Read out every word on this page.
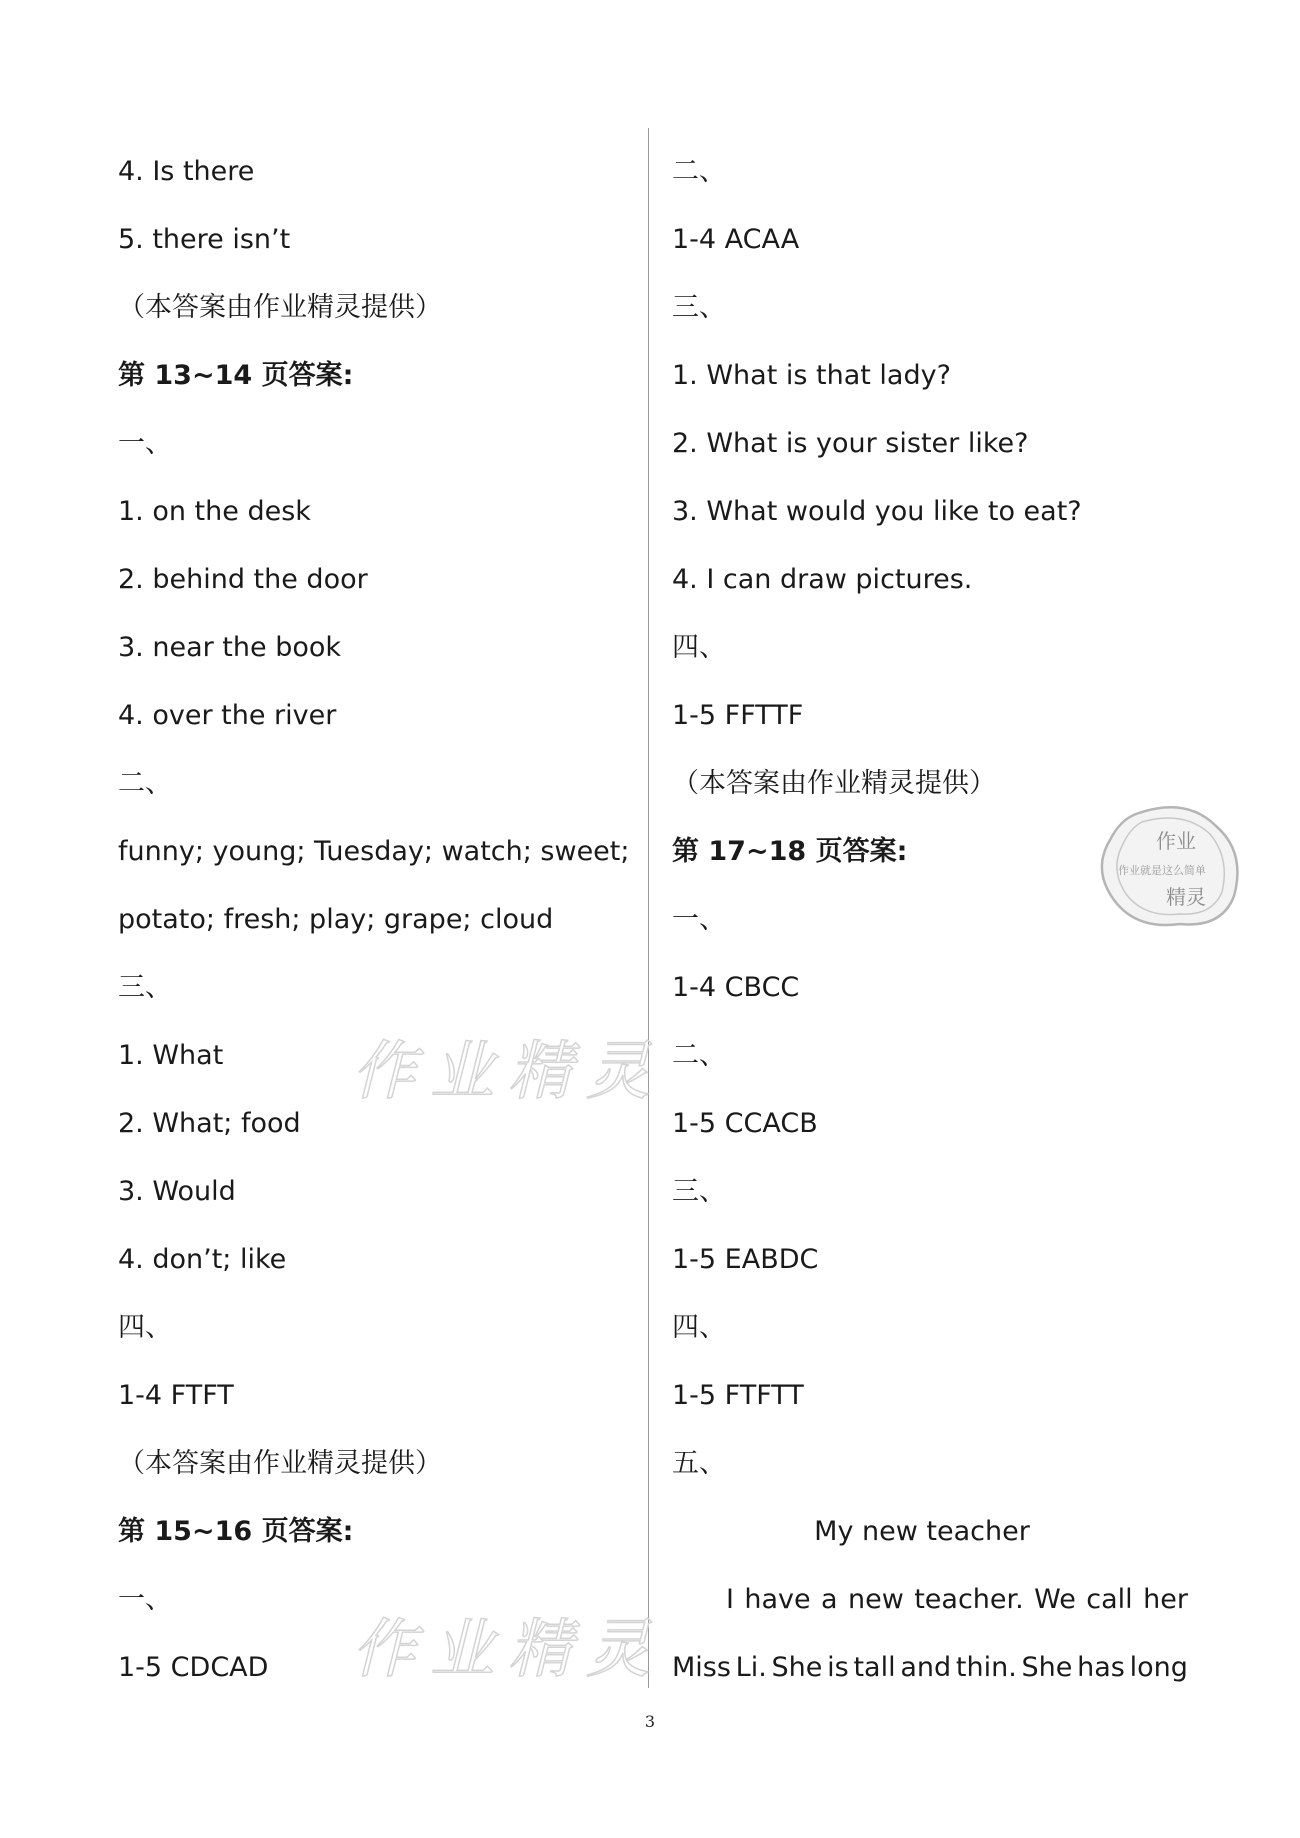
4. Is there
5. there isn’t
（本答案由作业精灵提供）
第 13~14 页答案:
一、
1. on the desk
2. behind the door
3. near the book
4. over the river
二、
funny; young; Tuesday; watch; sweet;
potato; fresh; play; grape; cloud
三、
1. What
2. What; food
3. Would
4. don’t; like
四、
1-4 FTFT
（本答案由作业精灵提供）
第 15~16 页答案:
一、
1-5 CDCAD
二、
1-4 ACAA
三、
1. What is that lady?
2. What is your sister like?
3. What would you like to eat?
4. I can draw pictures.
四、
1-5 FFTTF
（本答案由作业精灵提供）
第 17~18 页答案:
一、
1-4 CBCC
二、
1-5 CCACB
三、
1-5 EABDC
四、
1-5 FTFTT
五、
My new teacher
I have a new teacher. We call her
Miss Li. She is tall and thin. She has long
作业精灵
作业精灵
作业
作业就是这么简单
精灵
3
